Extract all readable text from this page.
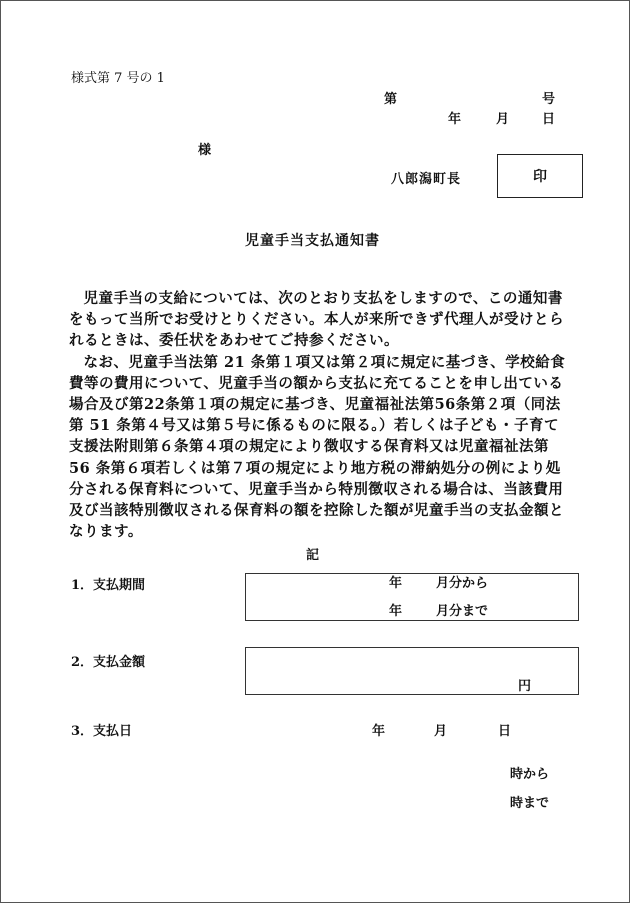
様式第 7 号の 1
第	号
年	月	日
様
八郎潟町長	印
児童手当支払通知書

児童手当の支給については、次のとおり支払をしますので、この通知書をもって当所でお受けとりください。本人が来所できず代理人が受けとられるときは、委任状をあわせてご持参ください。

なお、児童手当法第 21 条第１項又は第２項に規定に基づき、学校給食費等の費用について、児童手当の額から支払に充てることを申し出ている場合及び第22条第１項の規定に基づき、児童福祉法第56条第２項（同法第 51 条第４号又は第５号に係るものに限る。）若しくは子ども・子育て支援法附則第６条第４項の規定により徴収する保育料又は児童福祉法第 56 条第６項若しくは第７項の規定により地方税の滞納処分の例により処分される保育料について、児童手当から特別徴収される場合は、当該費用及び当該特別徴収される保育料の額を控除した額が児童手当の支払金額となります。

記
1．支払期間	年	月分から
年	月分まで
2．支払金額
円
3．支払日	年	月	日
時から
時まで
